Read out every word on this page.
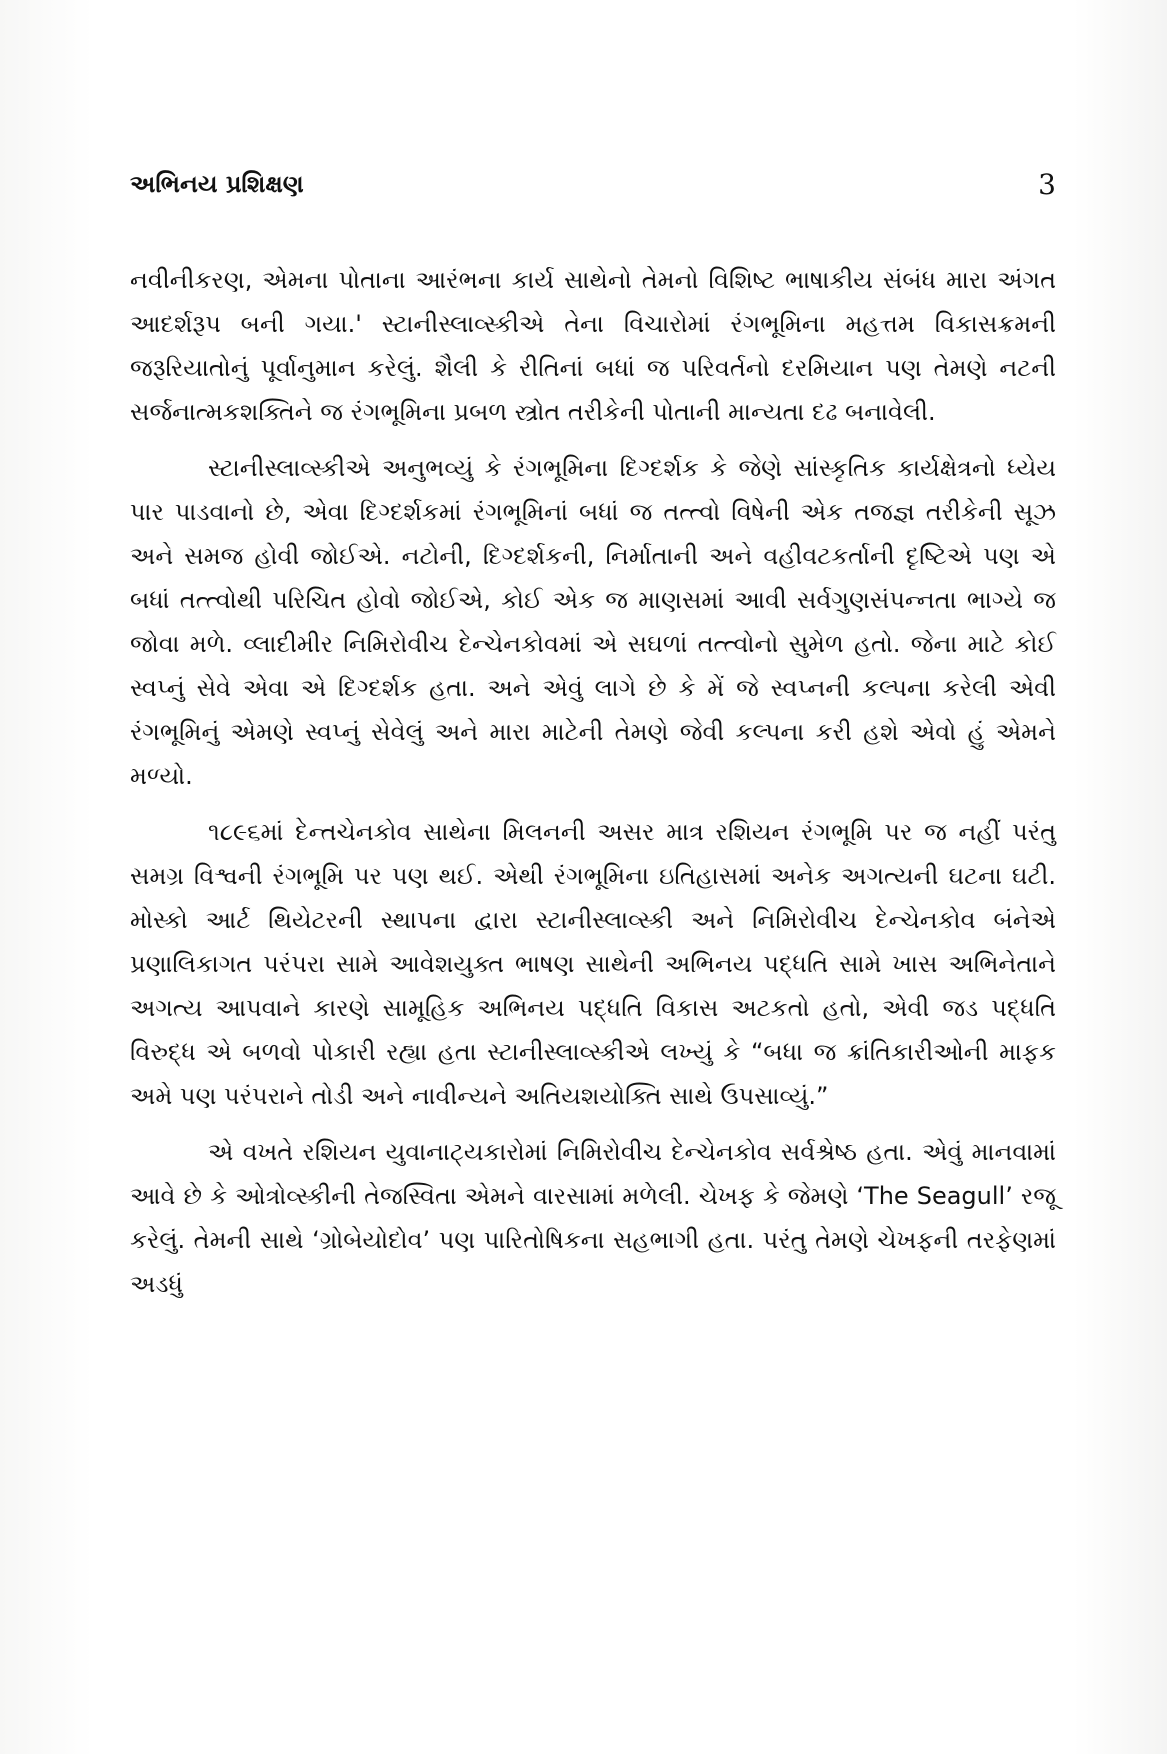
અભિનય પ્રશિક્ષણ	3

નવીનીકરણ, એમના પોતાના આરંભના કાર્ય સાથેનો તેમનો વિશિષ્ટ ભાષાકીય સંબંધ મારા અંગત આદર્શરૂપ બની ગયા.' સ્ટાનીસ્લાવ્સ્કીએ તેના વિચારોમાં રંગભૂમિના મહત્તમ વિકાસક્રમની જરૂરિયાતોનું પૂર્વાનુમાન કરેલું. શૈલી કે રીતિનાં બધાં જ પરિવર્તનો દરમિયાન પણ તેમણે નટની સર્જનાત્મકશક્તિને જ રંગભૂમિના પ્રબળ સ્ત્રોત તરીકેની પોતાની માન્યતા દઢ બનાવેલી.

સ્ટાનીસ્લાવ્સ્કીએ અનુભવ્યું કે રંગભૂમિના દિગ્દર્શક કે જેણે સાંસ્કૃતિક કાર્યક્ષેત્રનો ધ્યેય પાર પાડવાનો છે, એવા દિગ્દર્શકમાં રંગભૂમિનાં બધાં જ તત્ત્વો વિષેની એક તજજ્ઞ તરીકેની સૂઝ અને સમજ હોવી જોઈએ. નટોની, દિગ્દર્શકની, નિર્માતાની અને વહીવટકર્તાની દૃષ્ટિએ પણ એ બધાં તત્ત્વોથી પરિચિત હોવો જોઈએ, કોઈ એક જ માણસમાં આવી સર્વગુણસંપન્નતા ભાગ્યે જ જોવા મળે. વ્લાદીમીર નિમિરોવીચ દેન્ચેનકોવમાં એ સઘળાં તત્ત્વોનો સુમેળ હતો. જેના માટે કોઈ સ્વપ્નું સેવે એવા એ દિગ્દર્શક હતા. અને એવું લાગે છે કે મેં જે સ્વપ્નની કલ્પના કરેલી એવી રંગભૂમિનું એમણે સ્વપ્નું સેવેલું અને મારા માટેની તેમણે જેવી કલ્પના કરી હશે એવો હું એમને મળ્યો.

૧૮૯૬માં દેન્તચેનકોવ સાથેના મિલનની અસર માત્ર રશિયન રંગભૂમિ પર જ નહીં પરંતુ સમગ્ર વિશ્વની રંગભૂમિ પર પણ થઈ. એથી રંગભૂમિના ઇતિહાસમાં અનેક અગત્યની ઘટના ઘટી. મોસ્કો આર્ટ થિયેટરની સ્થાપના દ્વારા સ્ટાનીસ્લાવ્સ્કી અને નિમિરોવીચ દેન્ચેનકોવ બંનેએ પ્રણાલિકાગત પરંપરા સામે આવેશયુક્ત ભાષણ સાથેની અભિનય પદ્ધતિ સામે ખાસ અભિનેતાને અગત્ય આપવાને કારણે સામૂહિક અભિનય પદ્ધતિ વિકાસ અટકતો હતો, એવી જડ પદ્ધતિ વિરુદ્ધ એ બળવો પોકારી રહ્યા હતા સ્ટાનીસ્લાવ્સ્કીએ લખ્યું કે “બધા જ ક્રાંતિકારીઓની માફક અમે પણ પરંપરાને તોડી અને નાવીન્યને અતિયશયોક્તિ સાથે ઉપસાવ્યું.”

એ વખતે રશિયન યુવાનાટ્યકારોમાં નિમિરોવીચ દેન્ચેનકોવ સર્વશ્રેષ્ઠ હતા. એવું માનવામાં આવે છે કે ઓત્રોવ્સ્કીની તેજસ્વિતા એમને વારસામાં મળેલી. ચેખફ કે જેમણે ‘The Seagull’ રજૂ કરેલું. તેમની સાથે ‘ગ્રોબેયોદોવ’ પણ પારિતોષિકના સહભાગી હતા. પરંતુ તેમણે ચેખફની તરફેણમાં અડધું
